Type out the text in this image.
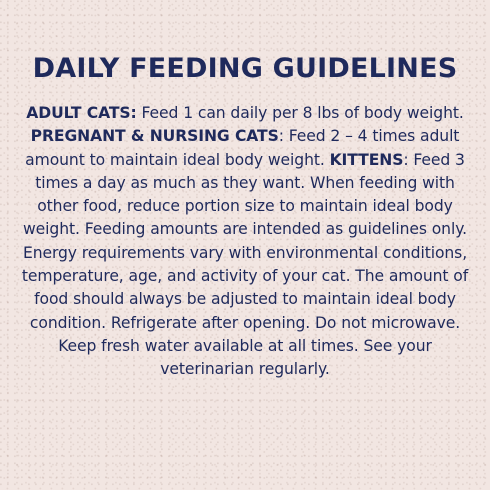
DAILY FEEDING GUIDELINES

ADULT CATS: Feed 1 can daily per 8 lbs of body weight. PREGNANT & NURSING CATS: Feed 2 – 4 times adult amount to maintain ideal body weight. KITTENS: Feed 3 times a day as much as they want. When feeding with other food, reduce portion size to maintain ideal body weight. Feeding amounts are intended as guidelines only. Energy requirements vary with environmental conditions, temperature, age, and activity of your cat. The amount of food should always be adjusted to maintain ideal body condition. Refrigerate after opening. Do not microwave. Keep fresh water available at all times. See your veterinarian regularly.
